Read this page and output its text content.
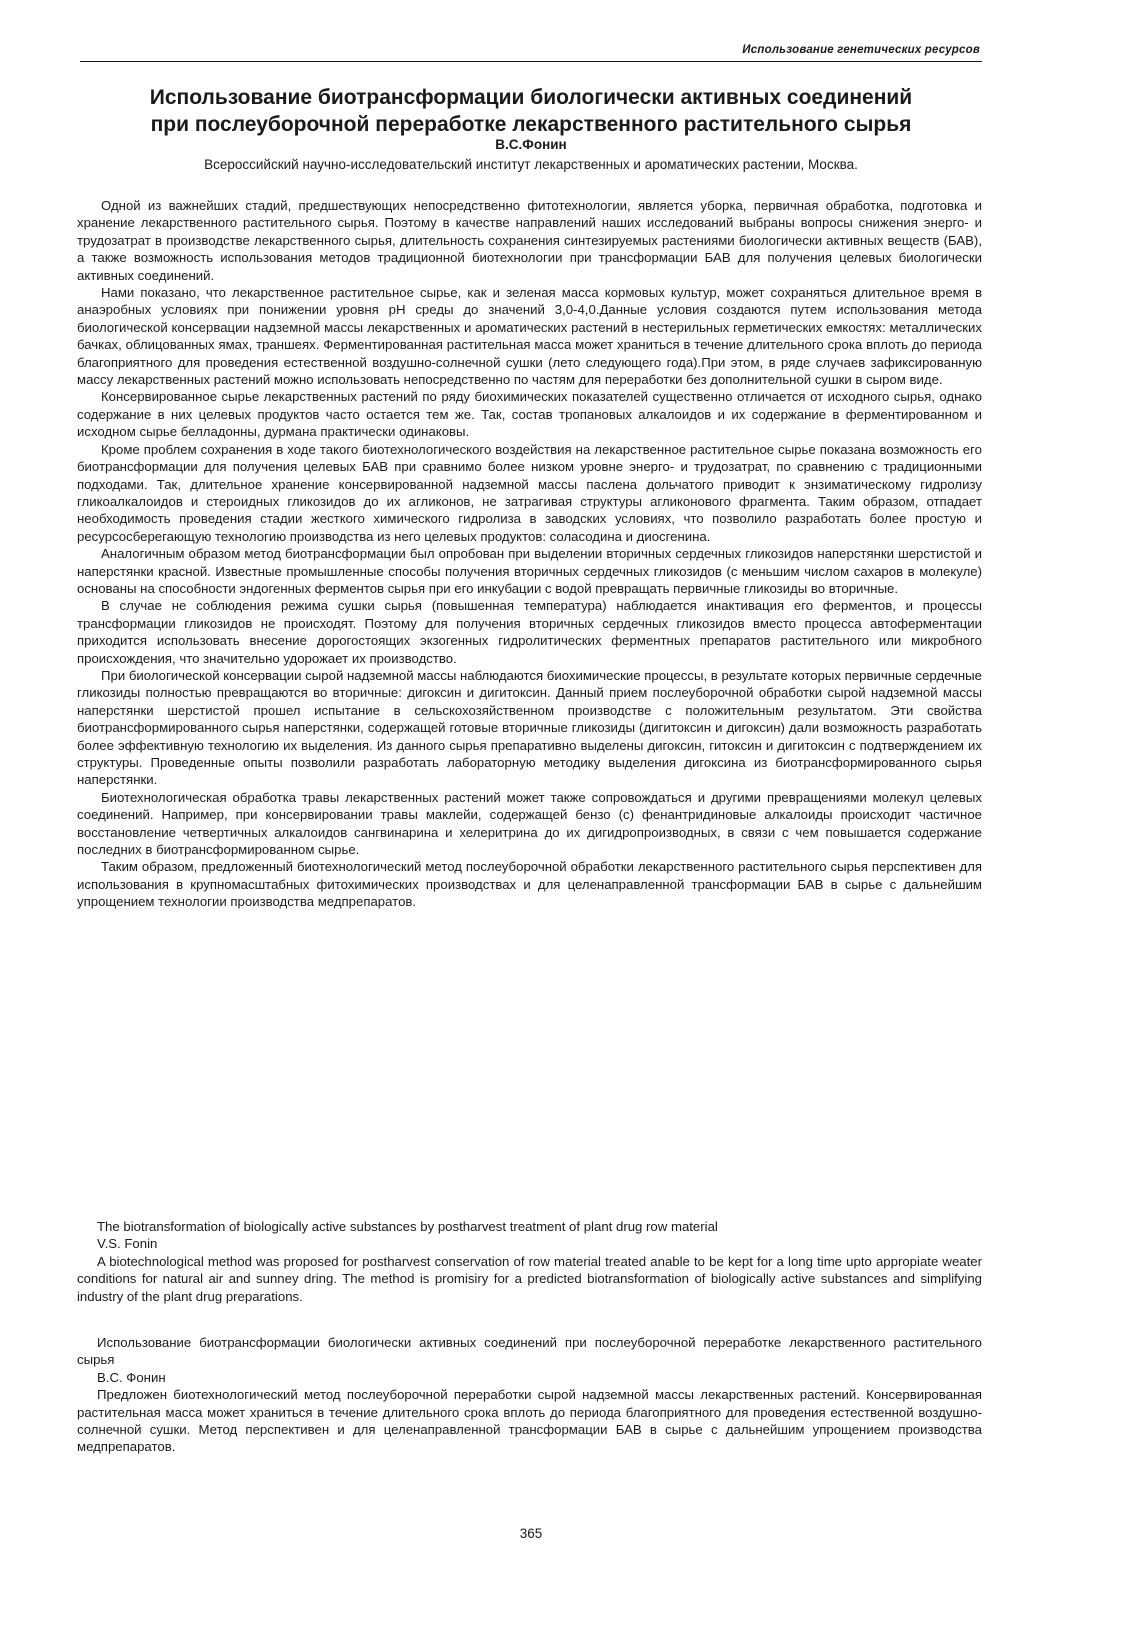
Использование генетических ресурсов
Использование биотрансформации биологически активных соединений
при послеуборочной переработке лекарственного растительного сырья
В.С.Фонин
Всероссийский научно-исследовательский институт лекарственных и ароматических растении, Москва.

Одной из важнейших стадий, предшествующих непосредственно фитотехнологии, является уборка, первичная обработка, подготовка и хранение лекарственного растительного сырья. Поэтому в качестве направлений наших исследований выбраны вопросы снижения энерго- и трудозатрат в производстве лекарственного сырья, длительность сохранения синтезируемых растениями биологически активных веществ (БАВ), а также возможность использования методов традиционной биотехнологии при трансформации БАВ для получения целевых биологически активных соединений.

Нами показано, что лекарственное растительное сырье, как и зеленая масса кормовых культур, может сохраняться длительное время в анаэробных условиях при понижении уровня рН среды до значений 3,0-4,0.Данные условия создаются путем использования метода биологической консервации надземной массы лекарственных и ароматических растений в нестерильных герметических емкостях: металлических бачках, облицованных ямах, траншеях. Ферментированная растительная масса может храниться в течение длительного срока вплоть до периода благоприятного для проведения естественной воздушно-солнечной сушки (лето следующего года).При этом, в ряде случаев зафиксированную массу лекарственных растений можно использовать непосредственно по частям для переработки без дополнительной сушки в сыром виде.

Консервированное сырье лекарственных растений по ряду биохимических показателей существенно отличается от исходного сырья, однако содержание в них целевых продуктов часто остается тем же. Так, состав тропановых алкалоидов и их содержание в ферментированном и исходном сырье белладонны, дурмана практически одинаковы.

Кроме проблем сохранения в ходе такого биотехнологического воздействия на лекарственное растительное сырье показана возможность его биотрансформации для получения целевых БАВ при сравнимо более низком уровне энерго- и трудозатрат, по сравнению с традиционными подходами. Так, длительное хранение консервированной надземной массы паслена дольчатого приводит к энзиматическому гидролизу гликоалкалоидов и стероидных гликозидов до их агликонов, не затрагивая структуры агликонового фрагмента. Таким образом, отпадает необходимость проведения стадии жесткого химического гидролиза в заводских условиях, что позволило разработать более простую и ресурсосберегающую технологию производства из него целевых продуктов: соласодина и диосгенина.

Аналогичным образом метод биотрансформации был опробован при выделении вторичных сердечных гликозидов наперстянки шерстистой и наперстянки красной. Известные промышленные способы получения вторичных сердечных гликозидов (с меньшим числом сахаров в молекуле) основаны на способности эндогенных ферментов сырья при его инкубации с водой превращать первичные гликозиды во вторичные.

В случае не соблюдения режима сушки сырья (повышенная температура) наблюдается инактивация его ферментов, и процессы трансформации гликозидов не происходят. Поэтому для получения вторичных сердечных гликозидов вместо процесса автоферментации приходится использовать внесение дорогостоящих экзогенных гидролитических ферментных препаратов растительного или микробного происхождения, что значительно удорожает их производство.

При биологической консервации сырой надземной массы наблюдаются биохимические процессы, в результате которых первичные сердечные гликозиды полностью превращаются во вторичные: дигоксин и дигитоксин. Данный прием послеуборочной обработки сырой надземной массы наперстянки шерстистой прошел испытание в сельскохозяйственном производстве с положительным результатом. Эти свойства биотрансформированного сырья наперстянки, содержащей готовые вторичные гликозиды (дигитоксин и дигоксин) дали возможность разработать более эффективную технологию их выделения. Из данного сырья препаративно выделены дигоксин, гитоксин и дигитоксин с подтверждением их структуры. Проведенные опыты позволили разработать лабораторную методику выделения дигоксина из биотрансформированного сырья наперстянки.

Биотехнологическая обработка травы лекарственных растений может также сопровождаться и другими превращениями молекул целевых соединений. Например, при консервировании травы маклейи, содержащей бензо (с) фенантридиновые алкалоиды происходит частичное восстановление четвертичных алкалоидов сангвинарина и хелеритрина до их дигидропроизводных, в связи с чем повышается содержание последних в биотрансформированном сырье.

Таким образом, предложенный биотехнологический метод послеуборочной обработки лекарственного растительного сырья перспективен для использования в крупномасштабных фитохимических производствах и для целенаправленной трансформации БАВ в сырье с дальнейшим упрощением технологии производства медпрепаратов.

The biotransformation of biologically active substances by postharvest treatment of plant drug row material
V.S. Fonin
A biotechnological method was proposed for postharvest conservation of row material treated anable to be kept for a long time upto appropiate weater conditions for natural air and sunney dring. The method is promisiry for a predicted biotransformation of biologically active substances and simplifying industry of the plant drug preparations.
Использование биотрансформации биологически активных соединений при послеуборочной переработке лекарственного растительного сырья
В.С. Фонин
Предложен биотехнологический метод послеуборочной переработки сырой надземной массы лекарственных растений. Консервированная растительная масса может храниться в течение длительного срока вплоть до периода благоприятного для проведения естественной воздушно-солнечной сушки. Метод перспективен и для целенаправленной трансформации БАВ в сырье с дальнейшим упрощением производства медпрепаратов.
365
